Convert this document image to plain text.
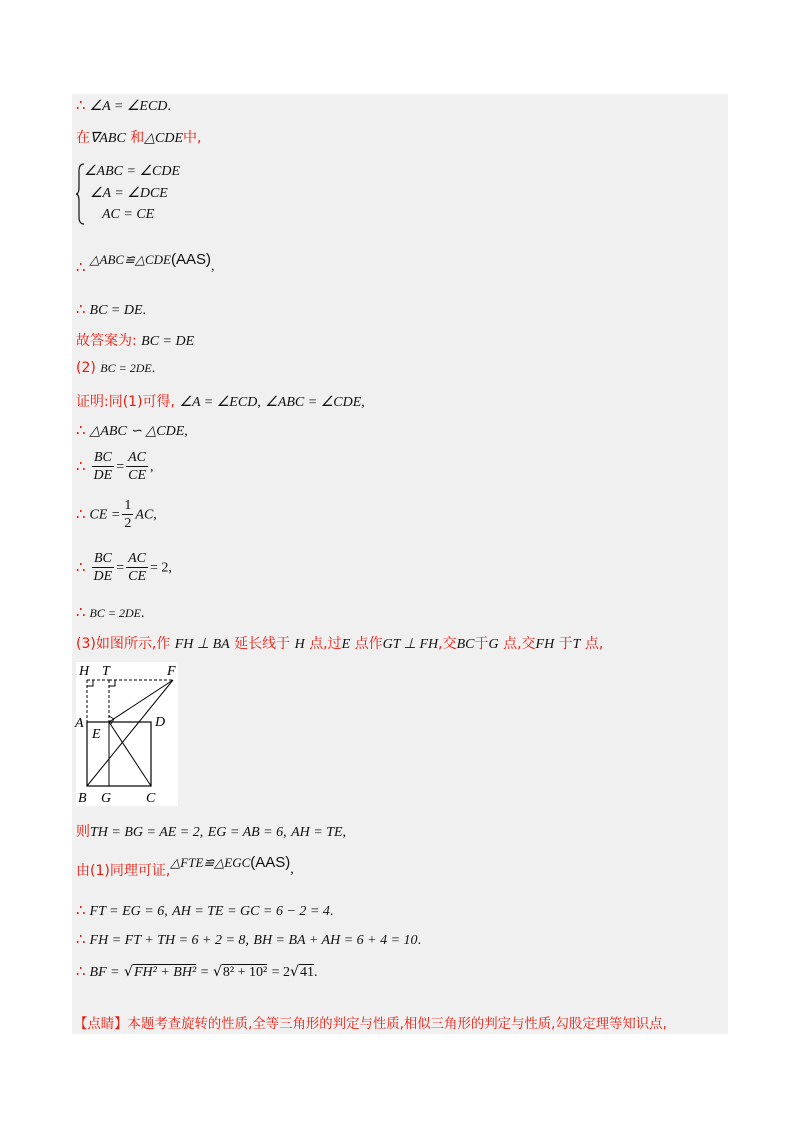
∴ ∠A = ∠ECD.
在∇ABC 和△CDE中,
∠ABC = ∠CDE
∠A = ∠DCE
AC = CE
∴ △ABC≌△CDE(AAS),
∴ BC = DE.
故答案为: BC = DE
(2) BC = 2DE.
证明:同(1)可得, ∠A = ∠ECD, ∠ABC = ∠CDE,
∴ △ABC ∽ △CDE,
∴ $\frac{BC}{DE} = \frac{AC}{CE}$ ,
∴ CE = $\frac{1}{2}$ AC,
∴ $\frac{BC}{DE} = \frac{AC}{CE} = 2$,
∴ BC = 2DE.
(3)如图所示,作 FH ⊥ BA 延长线于 H 点,过E 点作GT ⊥ FH,交BC于G 点,交FH 于T 点,
H T	F
A	D
E
B G C
则TH = BG = AE = 2, EG = AB = 6, AH = TE,
由(1)同理可证,△FTE≌△EGC(AAS),
∴ FT = EG = 6, AH = TE = GC = 6 − 2 = 4.
∴ FH = FT + TH = 6 + 2 = 8, BH = BA + AH = 6 + 4 = 10.
∴ BF = √FH² + BH² = √8² + 10² = 2√41.
【点睛】本题考查旋转的性质,全等三角形的判定与性质,相似三角形的判定与性质,勾股定理等知识点,
